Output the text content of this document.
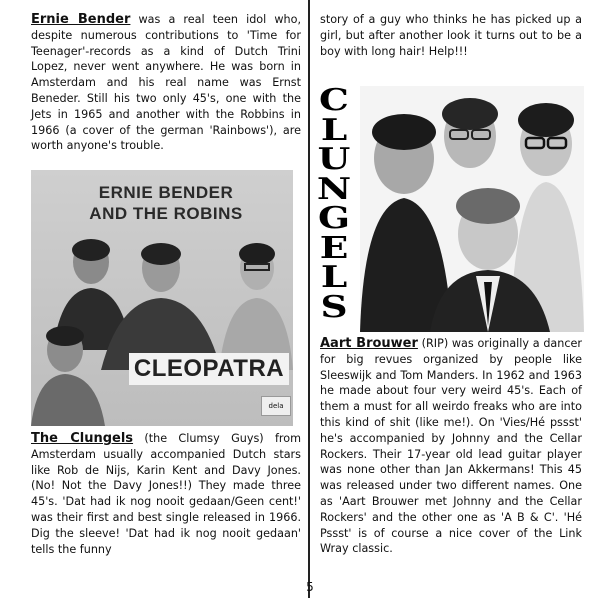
Ernie Bender was a real teen idol who, despite numerous contributions to 'Time for Teenager'-records as a kind of Dutch Trini Lopez, never went anywhere. He was born in Amsterdam and his real name was Ernst Beneder. Still his two only 45's, one with the Jets in 1965 and another with the Robbins in 1966 (a cover of the german 'Rainbows'), are worth anyone's trouble.

ERNIE BENDER
AND THE ROBINS
CLEOPATRA
dela

The Clungels (the Clumsy Guys) from Amsterdam usually accompanied Dutch stars like Rob de Nijs, Karin Kent and Davy Jones. (No! Not the Davy Jones!!) They made three 45's. 'Dat had ik nog nooit gedaan/Geen cent!' was their first and best single released in 1966. Dig the sleeve! 'Dat had ik nog nooit gedaan' tells the funny

story of a guy who thinks he has picked up a girl, but after another look it turns out to be a boy with long hair! Help!!!

C
L
U
N
G
E
L
S

Aart Brouwer (RIP) was originally a dancer for big revues organized by people like Sleeswijk and Tom Manders. In 1962 and 1963 he made about four very weird 45's. Each of them a must for all weirdo freaks who are into this kind of shit (like me!). On 'Vies/Hé pssst' he's accompanied by Johnny and the Cellar Rockers. Their 17-year old lead guitar player was none other than Jan Akkermans! This 45 was released under two different names. One as 'Aart Brouwer met Johnny and the Cellar Rockers' and the other one as 'A B & C'. 'Hé Pssst' is of course a nice cover of the Link Wray classic.

5
